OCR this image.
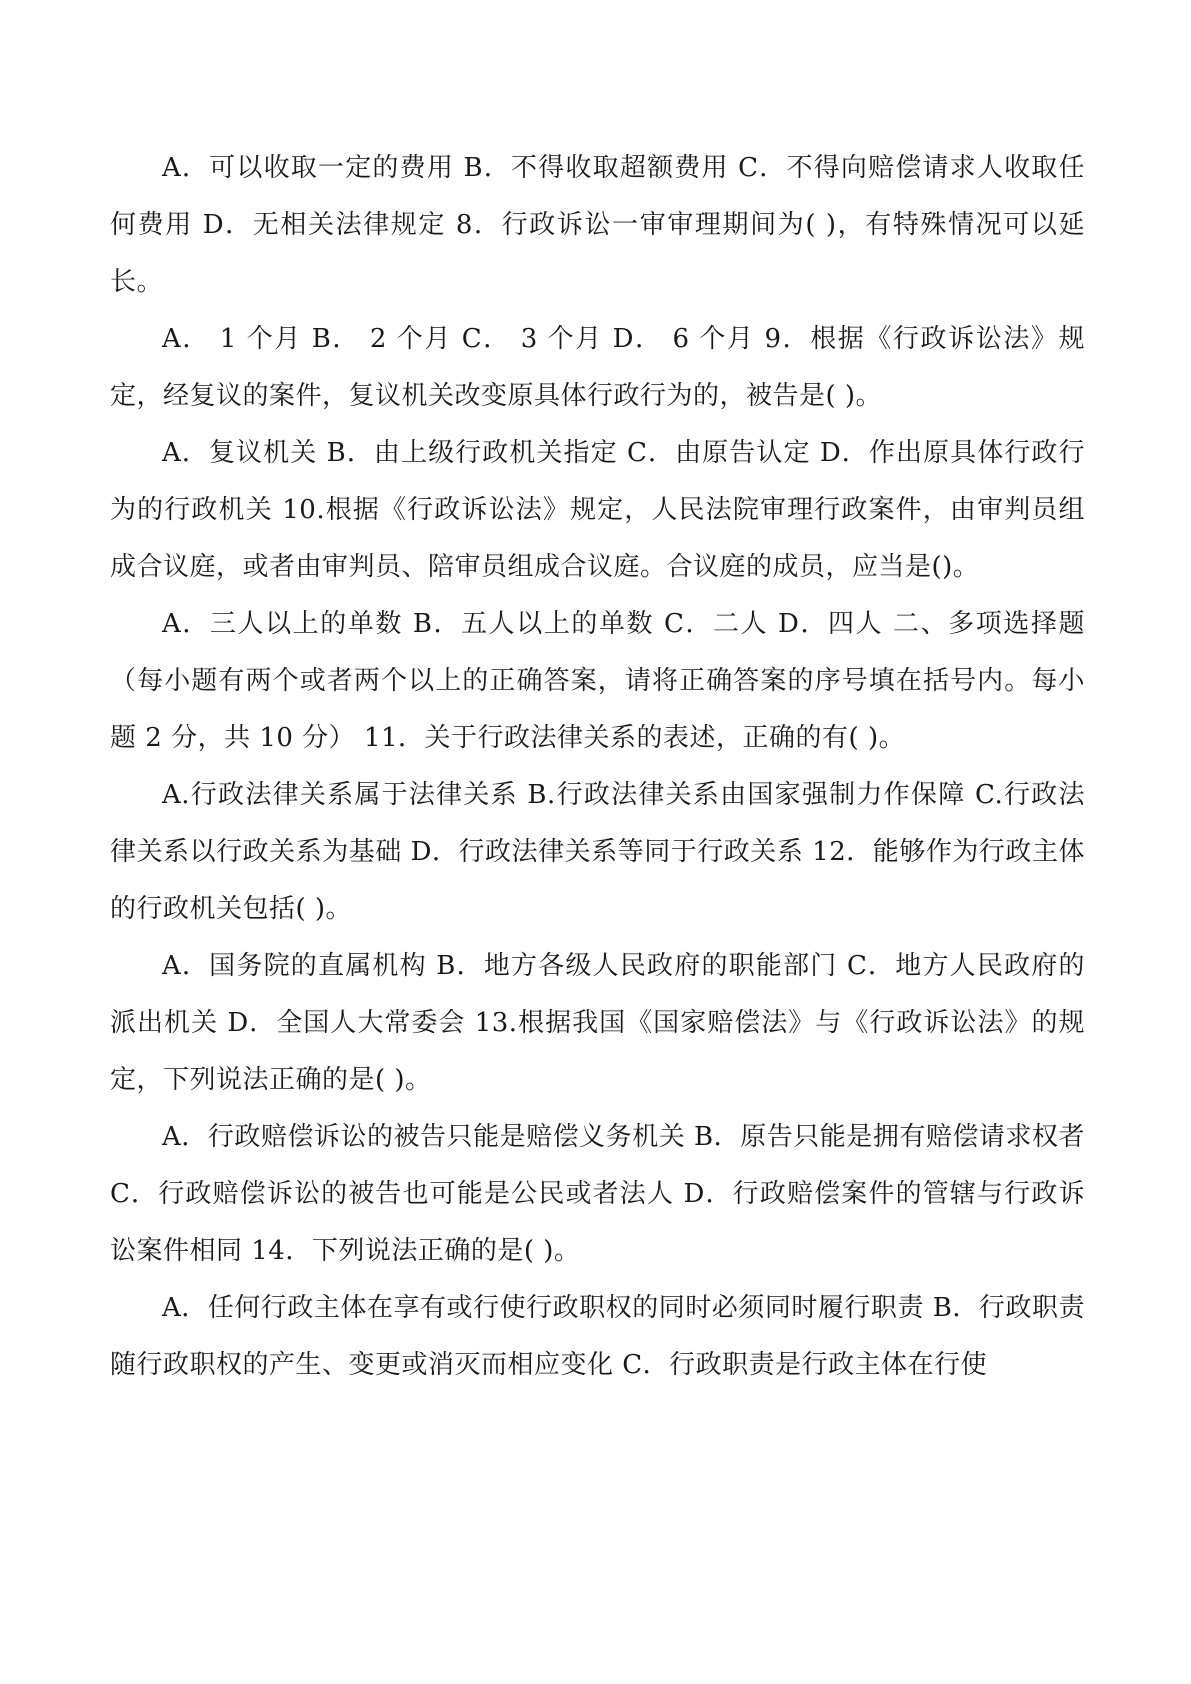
A．可以收取一定的费用 B．不得收取超额费用 C．不得向赔偿请求人收取任何费用 D．无相关法律规定 8．行政诉讼一审审理期间为( )，有特殊情况可以延长。

A． 1 个月 B． 2 个月 C． 3 个月 D． 6 个月 9．根据《行政诉讼法》规定，经复议的案件，复议机关改变原具体行政行为的，被告是( )。

A．复议机关 B．由上级行政机关指定 C．由原告认定 D．作出原具体行政行为的行政机关 10.根据《行政诉讼法》规定，人民法院审理行政案件，由审判员组成合议庭，或者由审判员、陪审员组成合议庭。合议庭的成员，应当是()。

A．三人以上的单数 B．五人以上的单数 C．二人 D．四人 二、多项选择题（每小题有两个或者两个以上的正确答案，请将正确答案的序号填在括号内。每小题 2 分，共 10 分） 11．关于行政法律关系的表述，正确的有( )。

A.行政法律关系属于法律关系 B.行政法律关系由国家强制力作保障 C.行政法律关系以行政关系为基础 D．行政法律关系等同于行政关系 12．能够作为行政主体的行政机关包括( )。

A．国务院的直属机构 B．地方各级人民政府的职能部门 C．地方人民政府的派出机关 D．全国人大常委会 13.根据我国《国家赔偿法》与《行政诉讼法》的规定，下列说法正确的是( )。

A．行政赔偿诉讼的被告只能是赔偿义务机关 B．原告只能是拥有赔偿请求权者 C．行政赔偿诉讼的被告也可能是公民或者法人 D．行政赔偿案件的管辖与行政诉讼案件相同 14．下列说法正确的是( )。

A．任何行政主体在享有或行使行政职权的同时必须同时履行职责 B．行政职责随行政职权的产生、变更或消灭而相应变化 C．行政职责是行政主体在行使
